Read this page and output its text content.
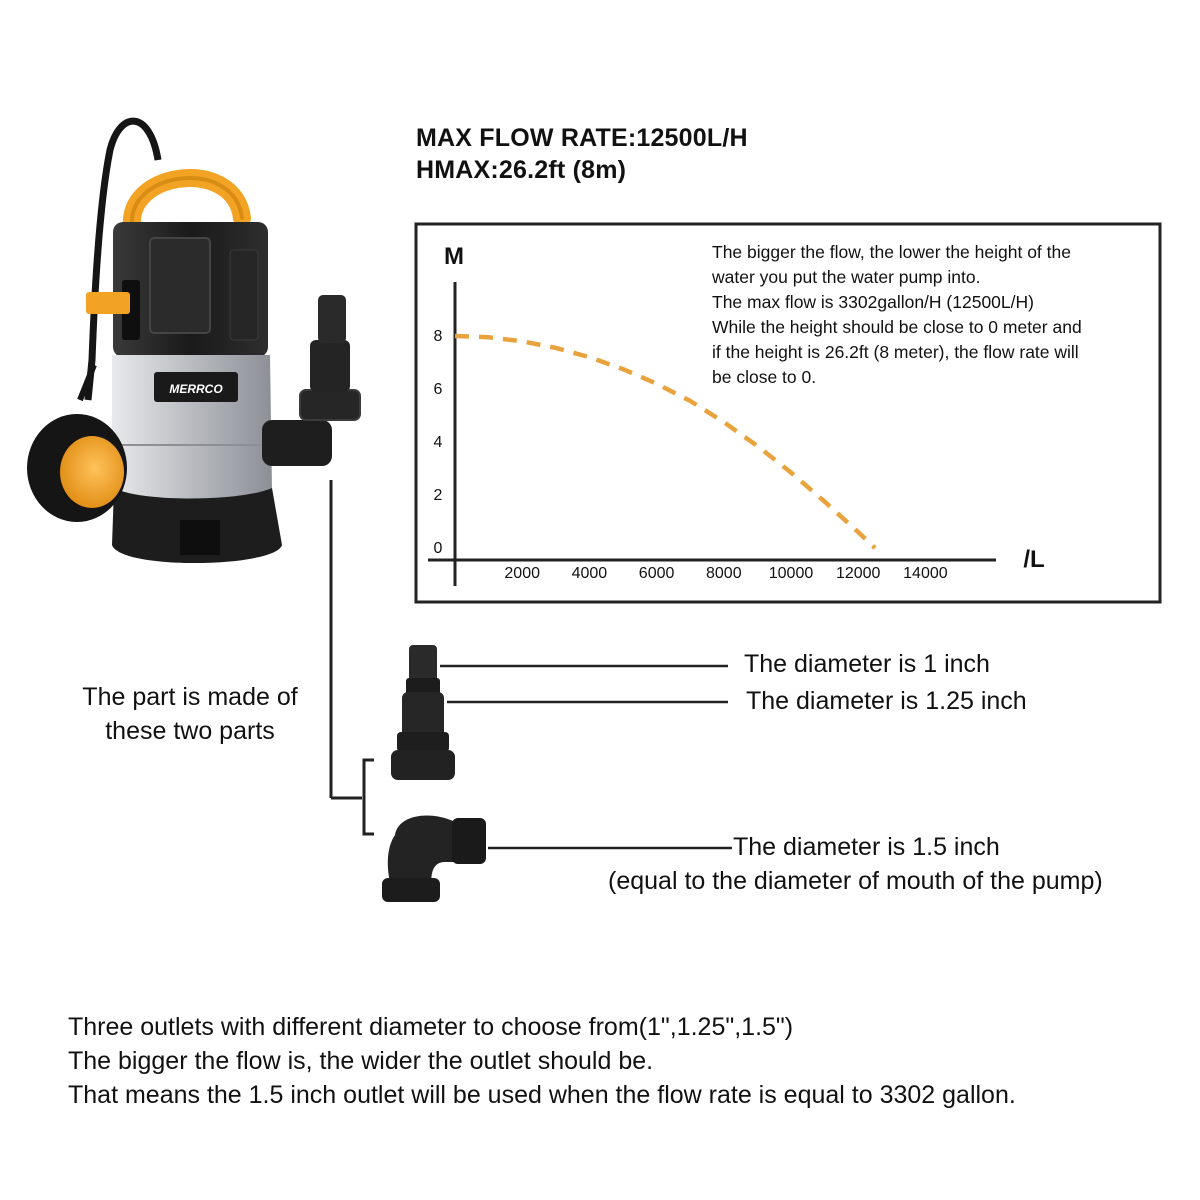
MAX FLOW RATE:12500L/H
HMAX:26.2ft (8m)
MERRCO
M
/L
0
2
4
6
8
2000 4000 6000 8000 10000 12000 14000
The bigger the flow, the lower the height of the
water you put the water pump into.
The max flow is 3302gallon/H (12500L/H)
While the height should be close to 0 meter and
if the height is 26.2ft (8 meter), the flow rate will
be close to 0.
The diameter is 1 inch
The diameter is 1.25 inch
The diameter is 1.5 inch
(equal to the diameter of mouth of the pump)
The part is made of
these two parts
Three outlets with different diameter to choose from(1",1.25",1.5")
The bigger the flow is, the wider the outlet should be.
That means the 1.5 inch outlet will be used when the flow rate is equal to 3302 gallon.
